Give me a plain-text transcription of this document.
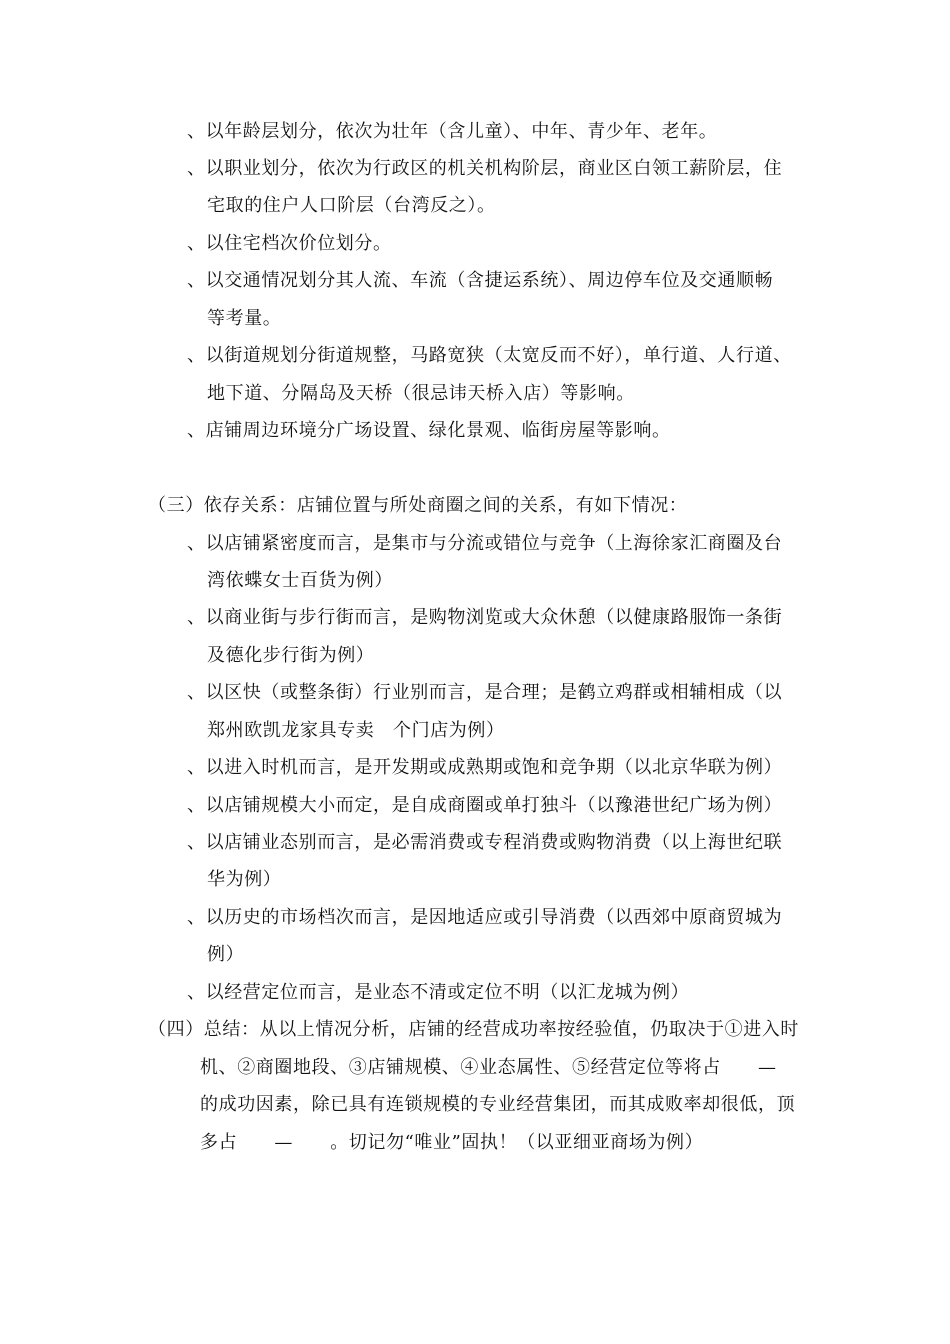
、以年龄层划分，依次为壮年（含儿童）、中年、青少年、老年。
、以职业划分，依次为行政区的机关机构阶层，商业区白领工薪阶层，住
宅取的住户人口阶层（台湾反之）。
、以住宅档次价位划分。
、以交通情况划分其人流、车流（含捷运系统）、周边停车位及交通顺畅
等考量。
、以街道规划分街道规整，马路宽狭（太宽反而不好），单行道、人行道、
地下道、分隔岛及天桥（很忌讳天桥入店）等影响。
、店铺周边环境分广场设置、绿化景观、临街房屋等影响。
（三）依存关系：店铺位置与所处商圈之间的关系，有如下情况：
、以店铺紧密度而言，是集市与分流或错位与竞争（上海徐家汇商圈及台
湾依蝶女士百货为例）
、以商业街与步行街而言，是购物浏览或大众休憩（以健康路服饰一条街
及德化步行街为例）
、以区快（或整条街）行业别而言，是合理；是鹤立鸡群或相辅相成（以
郑州欧凯龙家具专卖　个门店为例）
、以进入时机而言，是开发期或成熟期或饱和竞争期（以北京华联为例）
、以店铺规模大小而定，是自成商圈或单打独斗（以豫港世纪广场为例）
、以店铺业态别而言，是必需消费或专程消费或购物消费（以上海世纪联
华为例）
、以历史的市场档次而言，是因地适应或引导消费（以西郊中原商贸城为
例）
、以经营定位而言，是业态不清或定位不明（以汇龙城为例）
（四）总结：从以上情况分析，店铺的经营成功率按经验值，仍取决于①进入时
机、②商圈地段、③店铺规模、④业态属性、⑤经营定位等将占　　—
的成功因素，除已具有连锁规模的专业经营集团，而其成败率却很低，顶
多占　　—　　。切记勿“唯业”固执！（以亚细亚商场为例）
